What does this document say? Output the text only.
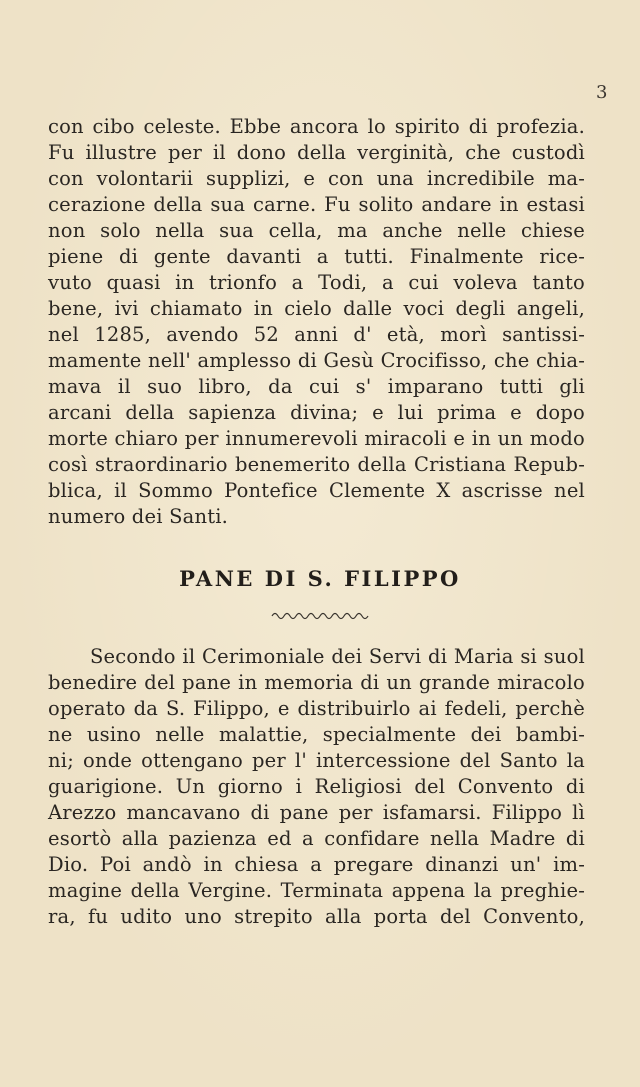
3
con cibo celeste. Ebbe ancora lo spirito di profezia.
Fu illustre per il dono della verginità, che custodì
con volontarii supplizi, e con una incredibile ma-
cerazione della sua carne. Fu solito andare in estasi
non solo nella sua cella, ma anche nelle chiese
piene di gente davanti a tutti. Finalmente rice-
vuto quasi in trionfo a Todi, a cui voleva tanto
bene, ivi chiamato in cielo dalle voci degli angeli,
nel 1285, avendo 52 anni d' età, morì santissi-
mamente nell' amplesso di Gesù Crocifisso, che chia-
mava il suo libro, da cui s' imparano tutti gli
arcani della sapienza divina; e lui prima e dopo
morte chiaro per innumerevoli miracoli e in un modo
così straordinario benemerito della Cristiana Repub-
blica, il Sommo Pontefice Clemente X ascrisse nel
numero dei Santi.
PANE DI S. FILIPPO
Secondo il Cerimoniale dei Servi di Maria si suol
benedire del pane in memoria di un grande miracolo
operato da S. Filippo, e distribuirlo ai fedeli, perchè
ne usino nelle malattie, specialmente dei bambi-
ni; onde ottengano per l' intercessione del Santo la
guarigione. Un giorno i Religiosi del Convento di
Arezzo mancavano di pane per isfamarsi. Filippo lì
esortò alla pazienza ed a confidare nella Madre di
Dio. Poi andò in chiesa a pregare dinanzi un' im-
magine della Vergine. Terminata appena la preghie-
ra, fu udito uno strepito alla porta del Convento,
